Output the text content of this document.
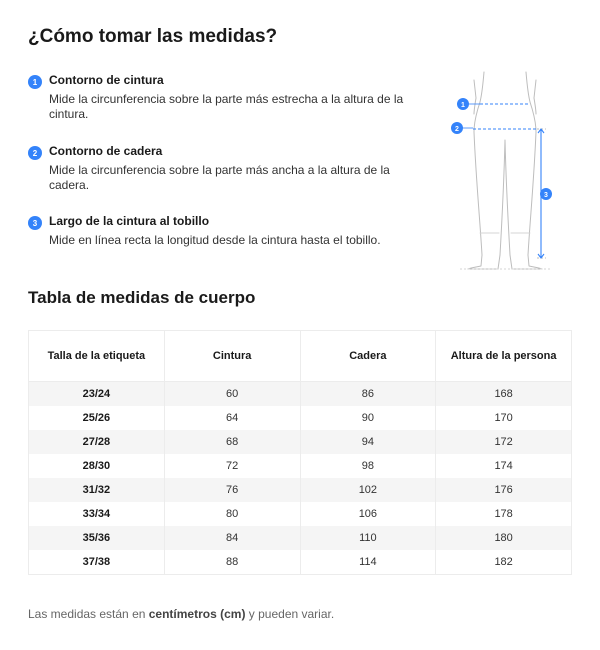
¿Cómo tomar las medidas?
1 Contorno de cintura
Mide la circunferencia sobre la parte más estrecha a la altura de la cintura.
2 Contorno de cadera
Mide la circunferencia sobre la parte más ancha a la altura de la cadera.
3 Largo de la cintura al tobillo
Mide en línea recta la longitud desde la cintura hasta el tobillo.
1
2
3
Tabla de medidas de cuerpo
Talla de la etiqueta	Cintura	Cadera	Altura de la persona
23/24	60	86	168
25/26	64	90	170
27/28	68	94	172
28/30	72	98	174
31/32	76	102	176
33/34	80	106	178
35/36	84	110	180
37/38	88	114	182
Las medidas están en centímetros (cm) y pueden variar.
